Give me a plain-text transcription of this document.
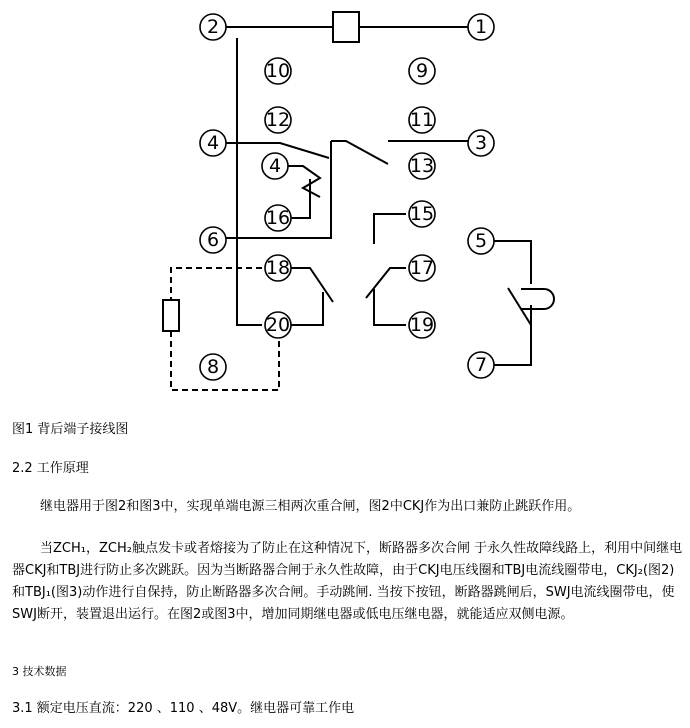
2	1
10	9
12	11
4	3
4	13
16	15
6	5
18	17
20	19
8	7
图1 背后端子接线图
2.2 工作原理
继电器用于图2和图3中，实现单端电源三相两次重合闸，图2中CKJ作为出口兼防止跳跃作用。
当ZCH₁，ZCH₂触点发卡或者熔接为了防止在这种情况下，断路器多次合闸 于永久性故障线路上，利用中间继电器CKJ和TBJ进行防止多次跳跃。因为当断路器合闸于永久性故障，由于CKJ电压线圈和TBJ电流线圈带电，CKJ₂(图2)和TBJ₁(图3)动作进行自保持，防止断路器多次合闸。手动跳闸. 当按下按钮，断路器跳闸后，SWJ电流线圈带电，使SWJ断开，装置退出运行。在图2或图3中，增加同期继电器或低电压继电器，就能适应双侧电源。
3 技术数据
3.1 额定电压直流：220 、110 、48V。继电器可靠工作电
